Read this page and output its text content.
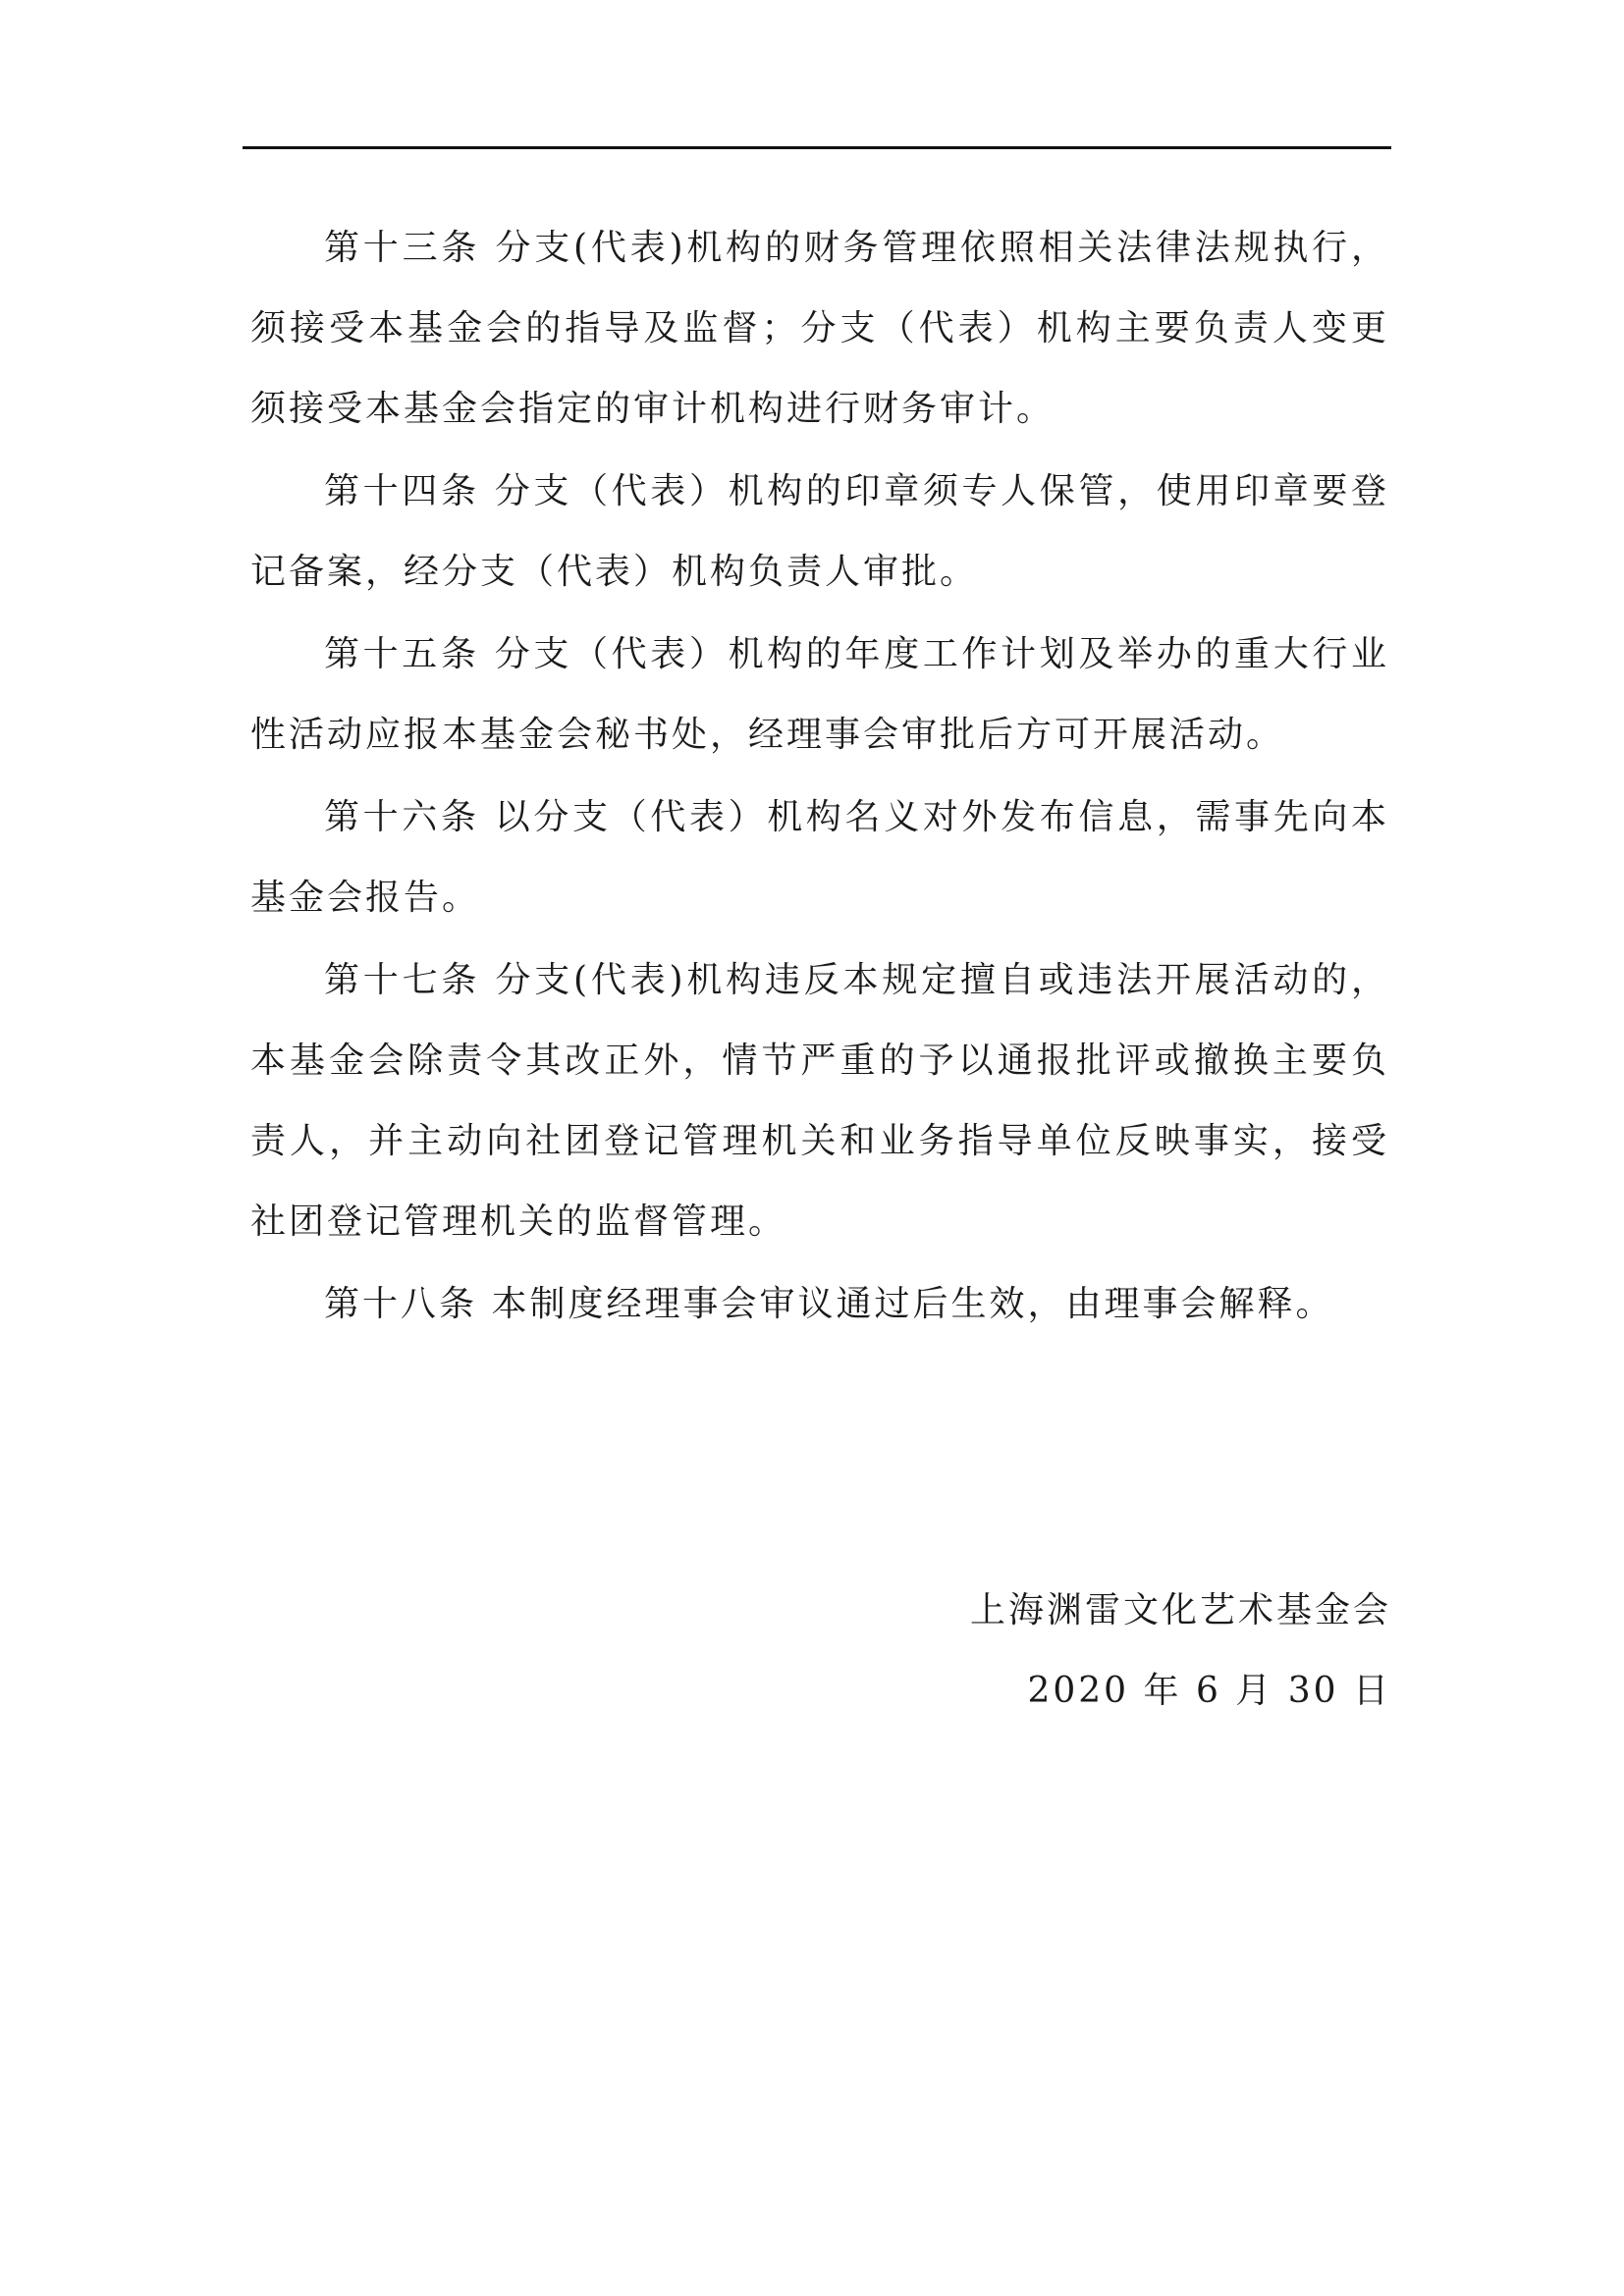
第十三条 分支(代表)机构的财务管理依照相关法律法规执行，须接受本基金会的指导及监督；分支（代表）机构主要负责人变更须接受本基金会指定的审计机构进行财务审计。

第十四条 分支（代表）机构的印章须专人保管，使用印章要登记备案，经分支（代表）机构负责人审批。

第十五条 分支（代表）机构的年度工作计划及举办的重大行业性活动应报本基金会秘书处，经理事会审批后方可开展活动。

第十六条 以分支（代表）机构名义对外发布信息，需事先向本基金会报告。

第十七条 分支(代表)机构违反本规定擅自或违法开展活动的，本基金会除责令其改正外，情节严重的予以通报批评或撤换主要负责人，并主动向社团登记管理机关和业务指导单位反映事实，接受社团登记管理机关的监督管理。

第十八条 本制度经理事会审议通过后生效，由理事会解释。

上海渊雷文化艺术基金会
2020 年 6 月 30 日
